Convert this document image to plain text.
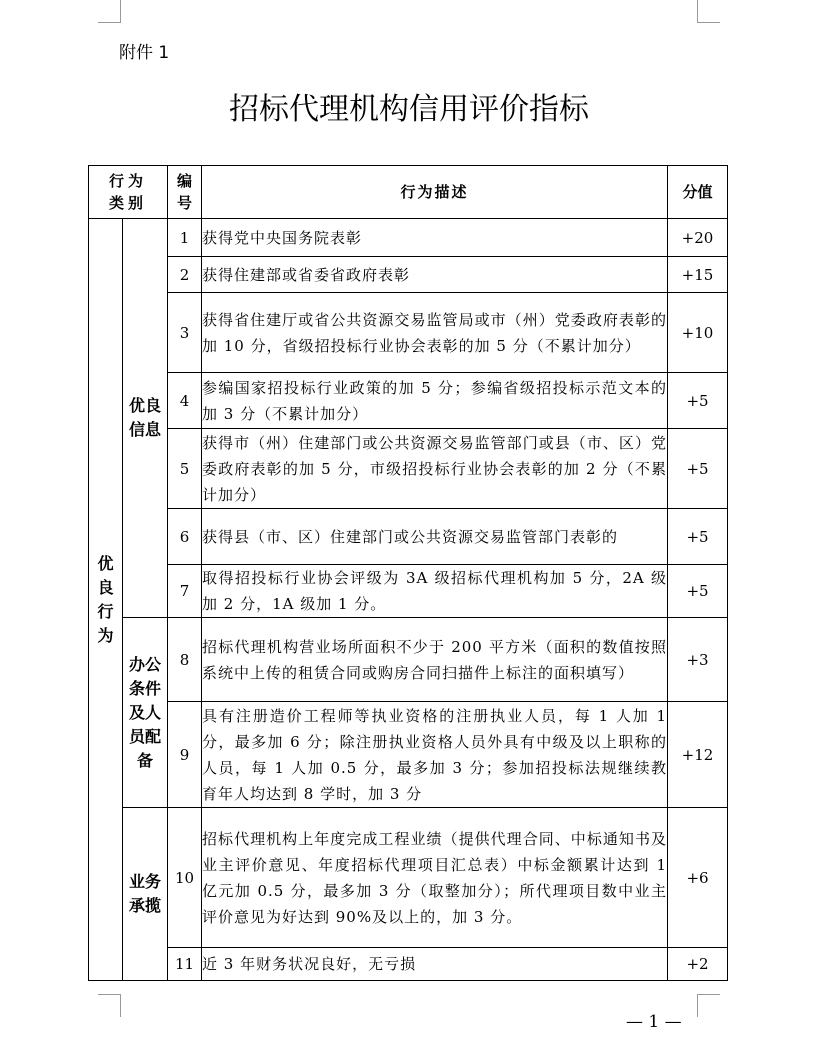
附件 1
招标代理机构信用评价指标
行为类别		编号	行为描述	分值

优良行为	优良信息	1	获得党中央国务院表彰	+20
		2	获得住建部或省委省政府表彰	+15
		3	获得省住建厅或省公共资源交易监管局或市（州）党委政府表彰的加 10 分，省级招投标行业协会表彰的加 5 分（不累计加分）	+10
		4	参编国家招投标行业政策的加 5 分；参编省级招投标示范文本的加 3 分（不累计加分）	+5
		5	获得市（州）住建部门或公共资源交易监管部门或县（市、区）党委政府表彰的加 5 分，市级招投标行业协会表彰的加 2 分（不累计加分）	+5
		6	获得县（市、区）住建部门或公共资源交易监管部门表彰的	+5
		7	取得招投标行业协会评级为 3A 级招标代理机构加 5 分，2A 级加 2 分，1A 级加 1 分。	+5

	办公条件及人员配备	8	招标代理机构营业场所面积不少于 200 平方米（面积的数值按照系统中上传的租赁合同或购房合同扫描件上标注的面积填写）	+3
		9	具有注册造价工程师等执业资格的注册执业人员，每 1 人加 1 分，最多加 6 分；除注册执业资格人员外具有中级及以上职称的人员，每 1 人加 0.5 分，最多加 3 分；参加招投标法规继续教育年人均达到 8 学时，加 3 分	+12

	业务承揽	10	招标代理机构上年度完成工程业绩（提供代理合同、中标通知书及业主评价意见、年度招标代理项目汇总表）中标金额累计达到 1 亿元加 0.5 分，最多加 3 分（取整加分）；所代理项目数中业主评价意见为好达到 90%及以上的，加 3 分。	+6
		11	近 3 年财务状况良好，无亏损	+2
— 1 —
